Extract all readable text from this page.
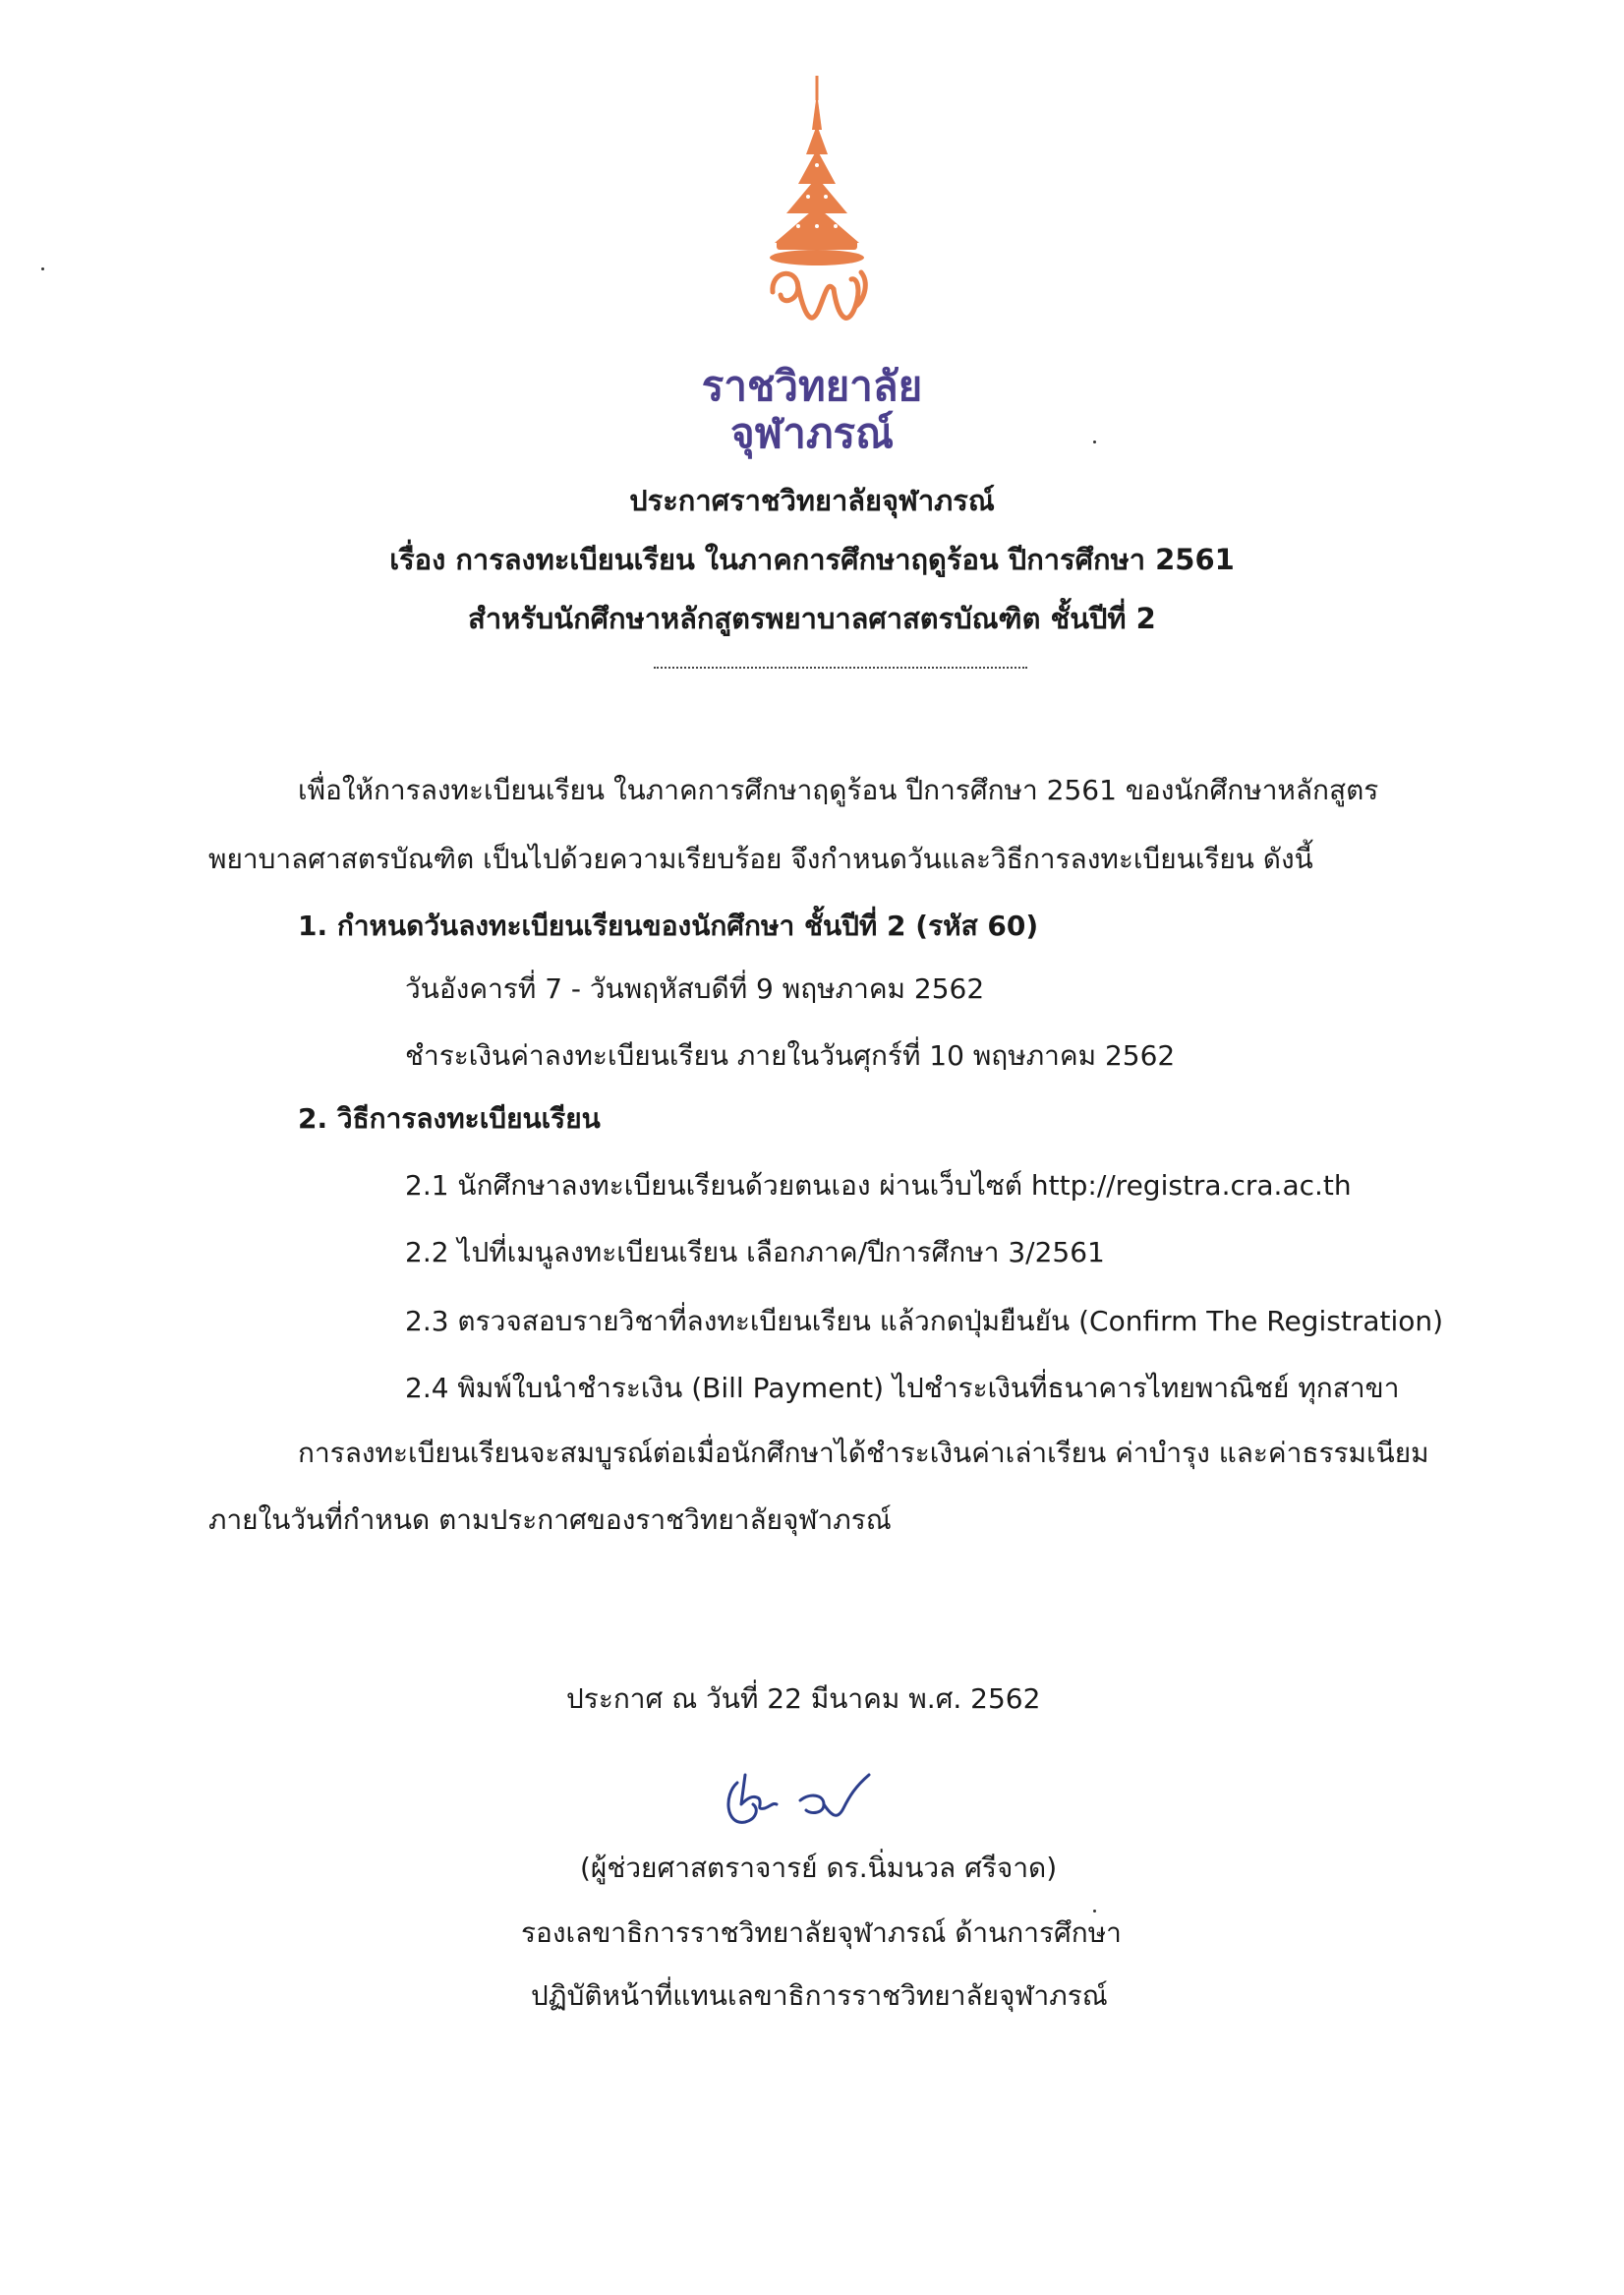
ราชวิทยาลัย
จุฬาภรณ์
ประกาศราชวิทยาลัยจุฬาภรณ์
เรื่อง การลงทะเบียนเรียน ในภาคการศึกษาฤดูร้อน ปีการศึกษา 2561
สำหรับนักศึกษาหลักสูตรพยาบาลศาสตรบัณฑิต ชั้นปีที่ 2
เพื่อให้การลงทะเบียนเรียน ในภาคการศึกษาฤดูร้อน ปีการศึกษา 2561 ของนักศึกษาหลักสูตร
พยาบาลศาสตรบัณฑิต เป็นไปด้วยความเรียบร้อย จึงกำหนดวันและวิธีการลงทะเบียนเรียน ดังนี้
1. กำหนดวันลงทะเบียนเรียนของนักศึกษา ชั้นปีที่ 2 (รหัส 60)
วันอังคารที่ 7 - วันพฤหัสบดีที่ 9 พฤษภาคม 2562
ชำระเงินค่าลงทะเบียนเรียน ภายในวันศุกร์ที่ 10 พฤษภาคม 2562
2. วิธีการลงทะเบียนเรียน
2.1 นักศึกษาลงทะเบียนเรียนด้วยตนเอง ผ่านเว็บไซต์ http://registra.cra.ac.th
2.2 ไปที่เมนูลงทะเบียนเรียน เลือกภาค/ปีการศึกษา 3/2561
2.3 ตรวจสอบรายวิชาที่ลงทะเบียนเรียน แล้วกดปุ่มยืนยัน (Confirm The Registration)
2.4 พิมพ์ใบนำชำระเงิน (Bill Payment) ไปชำระเงินที่ธนาคารไทยพาณิชย์ ทุกสาขา
การลงทะเบียนเรียนจะสมบูรณ์ต่อเมื่อนักศึกษาได้ชำระเงินค่าเล่าเรียน ค่าบำรุง และค่าธรรมเนียม
ภายในวันที่กำหนด ตามประกาศของราชวิทยาลัยจุฬาภรณ์
ประกาศ ณ วันที่ 22 มีนาคม พ.ศ. 2562
(ผู้ช่วยศาสตราจารย์ ดร.นิ่มนวล ศรีจาด)
รองเลขาธิการราชวิทยาลัยจุฬาภรณ์ ด้านการศึกษา
ปฏิบัติหน้าที่แทนเลขาธิการราชวิทยาลัยจุฬาภรณ์
